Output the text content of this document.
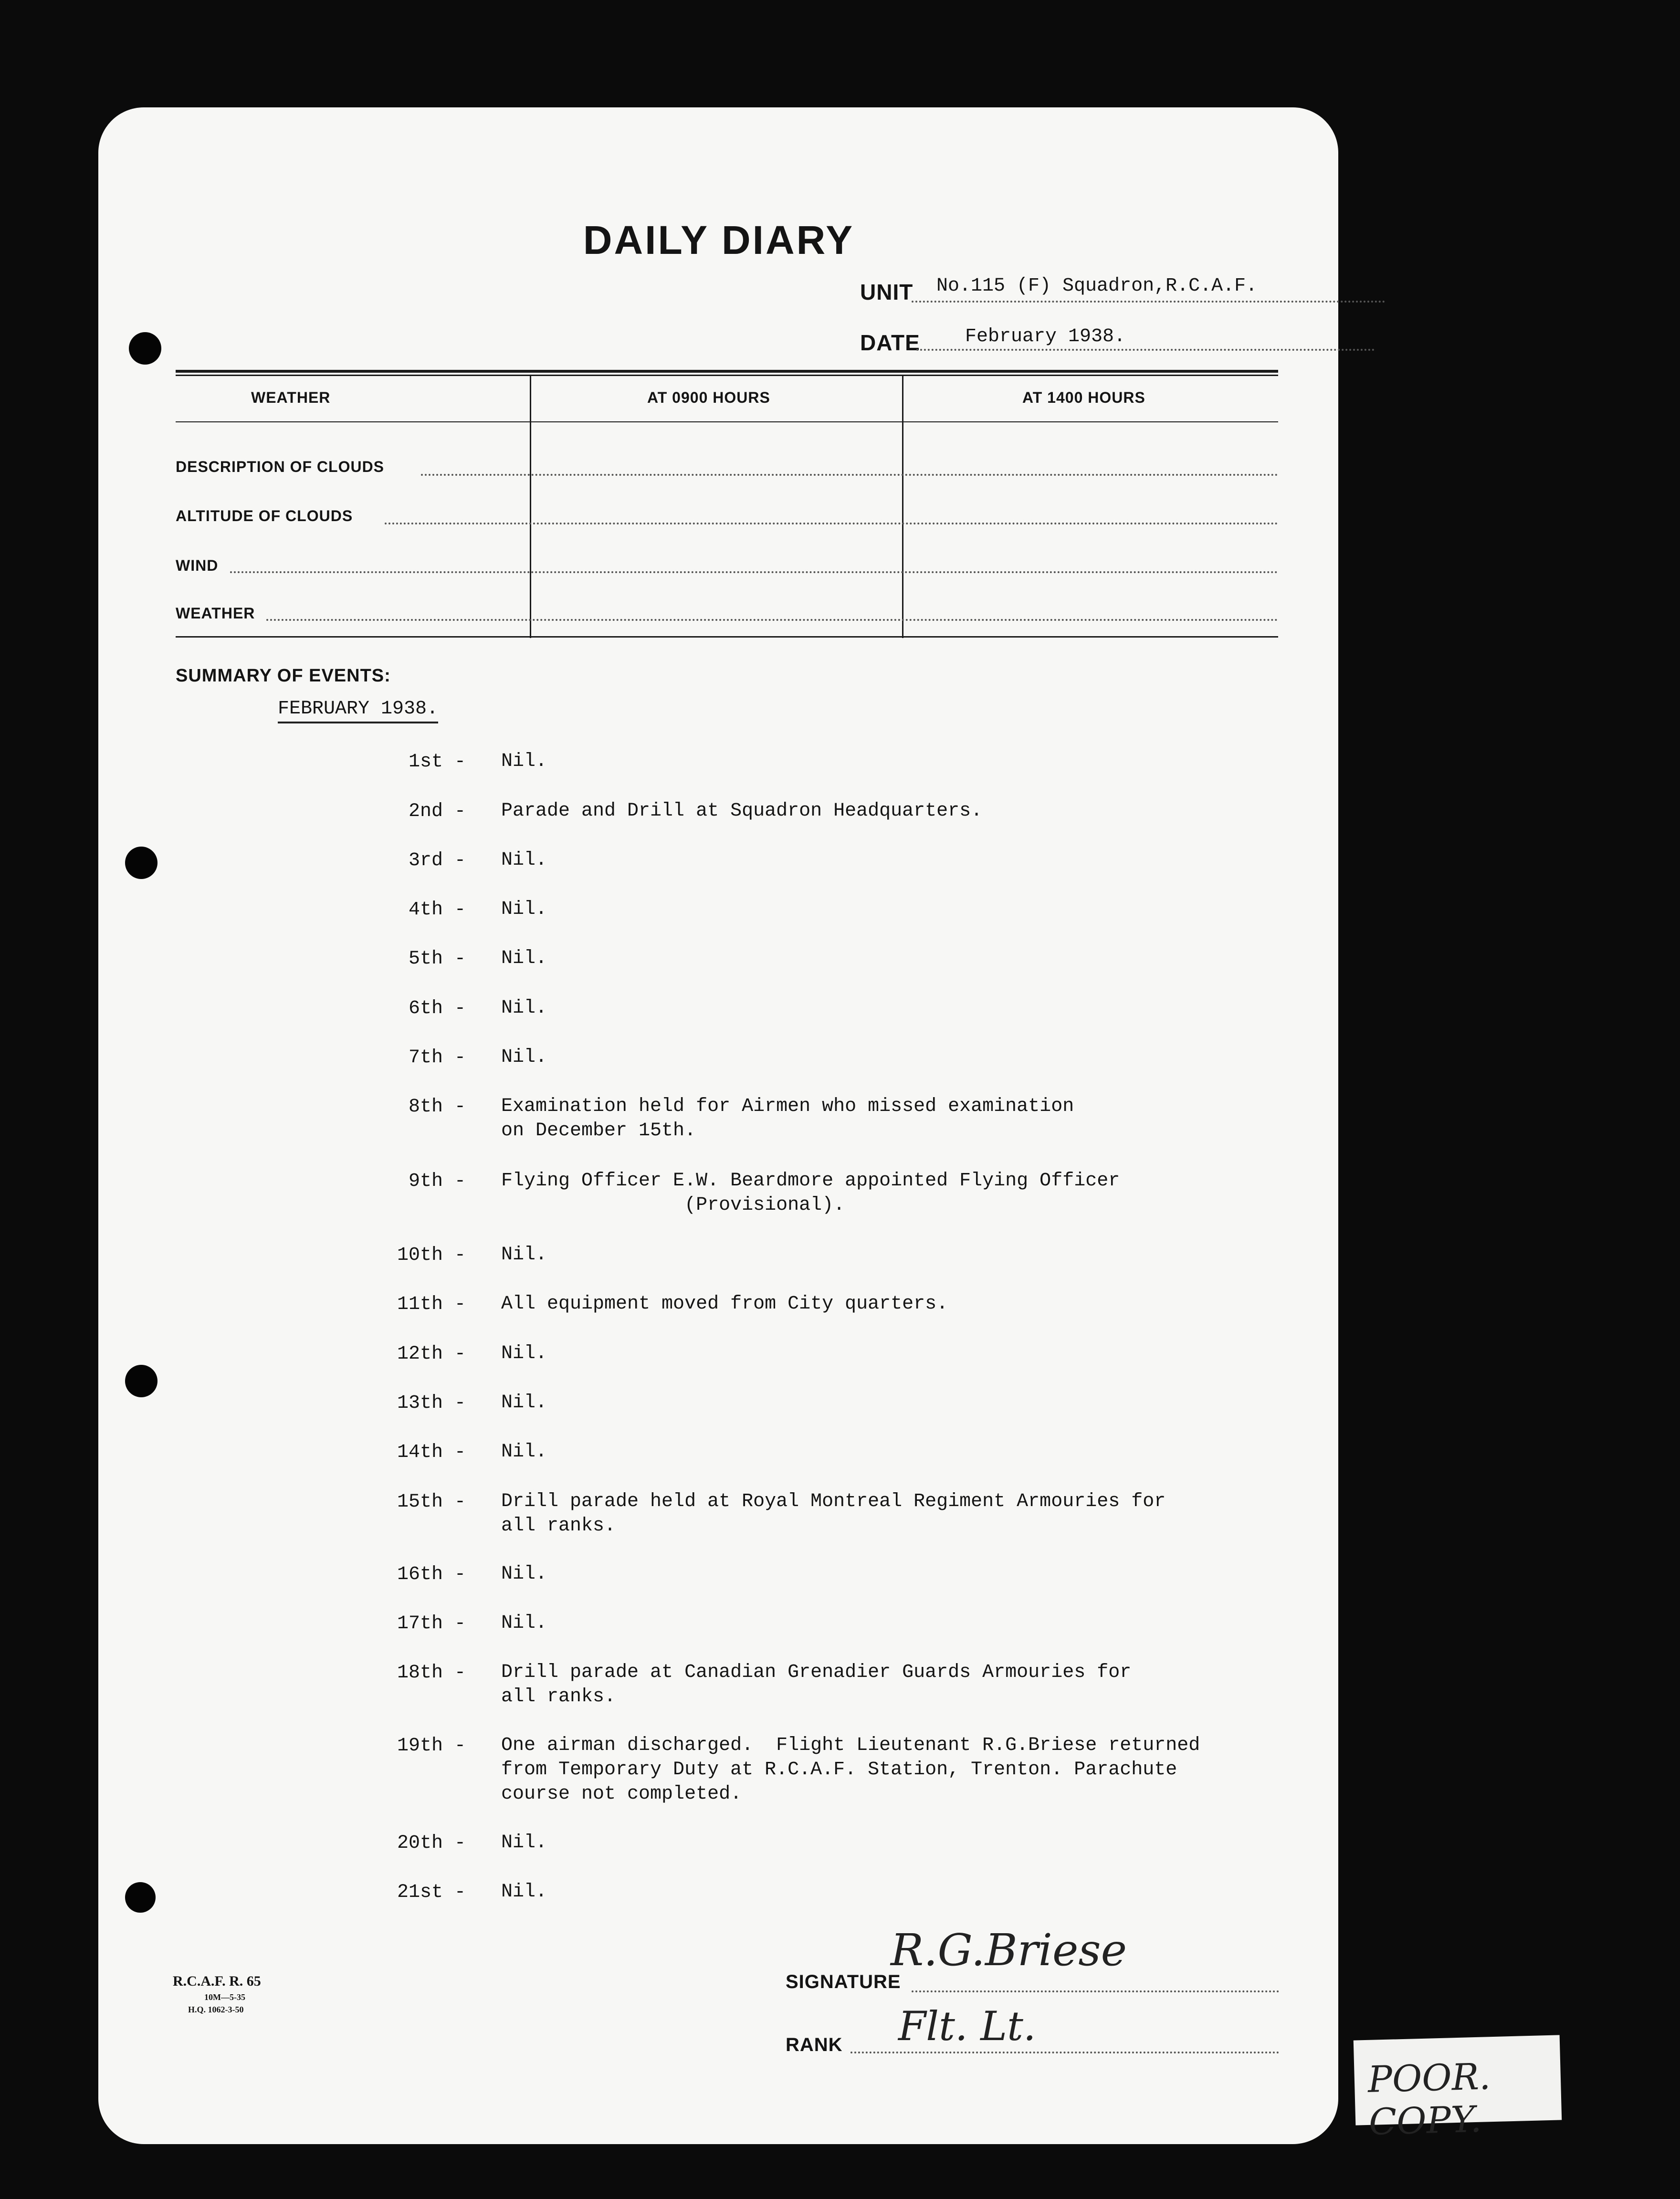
DAILY DIARY
UNIT No.115 (F) Squadron,R.C.A.F.
DATE February 1938.
WEATHER	AT 0900 HOURS	AT 1400 HOURS
DESCRIPTION OF CLOUDS
ALTITUDE OF CLOUDS
WIND
WEATHER
SUMMARY OF EVENTS:
FEBRUARY 1938.
1st - Nil.
2nd - Parade and Drill at Squadron Headquarters.
3rd - Nil.
4th - Nil.
5th - Nil.
6th - Nil.
7th - Nil.
8th - Examination held for Airmen who missed examination
on December 15th.
9th - Flying Officer E.W. Beardmore appointed Flying Officer
(Provisional).
10th - Nil.
11th - All equipment moved from City quarters.
12th - Nil.
13th - Nil.
14th - Nil.
15th - Drill parade held at Royal Montreal Regiment Armouries for
all ranks.
16th - Nil.
17th - Nil.
18th - Drill parade at Canadian Grenadier Guards Armouries for
all ranks.
19th - One airman discharged.  Flight Lieutenant R.G.Briese returned
from Temporary Duty at R.C.A.F. Station, Trenton. Parachute
course not completed.
20th - Nil.
21st - Nil.
R.C.A.F. R. 65
10M—5-35
H.Q. 1062-3-50
SIGNATURE
R.G.Briese
RANK Flt. Lt.
POOR. COPY.
